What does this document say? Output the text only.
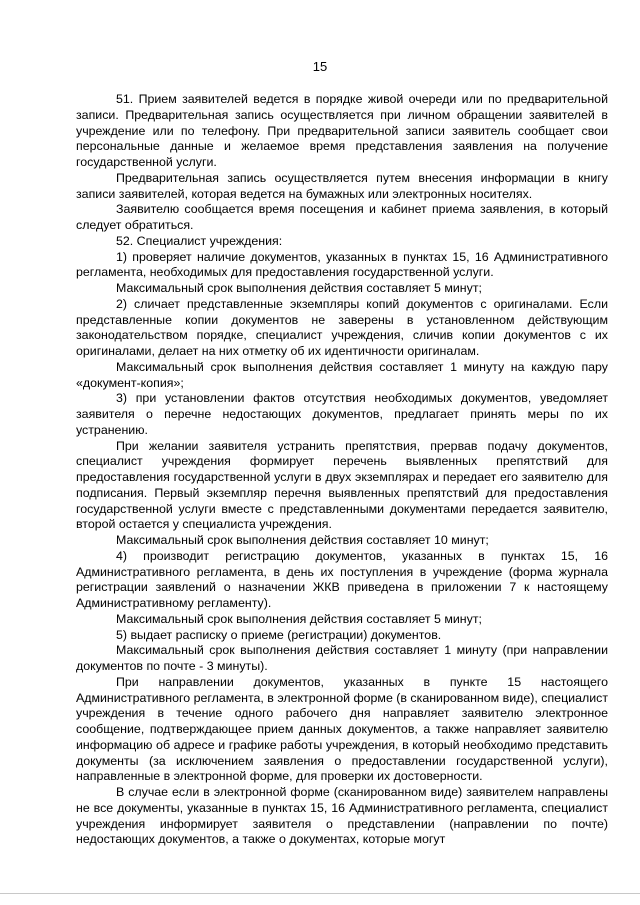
15

51. Прием заявителей ведется в порядке живой очереди или по предварительной записи. Предварительная запись осуществляется при личном обращении заявителей в учреждение или по телефону. При предварительной записи заявитель сообщает свои персональные данные и желаемое время представления заявления на получение государственной услуги.

Предварительная запись осуществляется путем внесения информации в книгу записи заявителей, которая ведется на бумажных или электронных носителях.

Заявителю сообщается время посещения и кабинет приема заявления, в который следует обратиться.

52. Специалист учреждения:

1) проверяет наличие документов, указанных в пунктах 15, 16 Административного регламента, необходимых для предоставления государственной услуги.

Максимальный срок выполнения действия составляет 5 минут;

2) сличает представленные экземпляры копий документов с оригиналами. Если представленные копии документов не заверены в установленном действующим законодательством порядке, специалист учреждения, сличив копии документов с их оригиналами, делает на них отметку об их идентичности оригиналам.

Максимальный срок выполнения действия составляет 1 минуту на каждую пару «документ-копия»;

3) при установлении фактов отсутствия необходимых документов, уведомляет заявителя о перечне недостающих документов, предлагает принять меры по их устранению.

При желании заявителя устранить препятствия, прервав подачу документов, специалист учреждения формирует перечень выявленных препятствий для предоставления государственной услуги в двух экземплярах и передает его заявителю для подписания. Первый экземпляр перечня выявленных препятствий для предоставления государственной услуги вместе с представленными документами передается заявителю, второй остается у специалиста учреждения.

Максимальный срок выполнения действия составляет 10 минут;

4) производит регистрацию документов, указанных в пунктах 15, 16 Административного регламента, в день их поступления в учреждение (форма журнала регистрации заявлений о назначении ЖКВ приведена в приложении 7 к настоящему Административному регламенту).

Максимальный срок выполнения действия составляет 5 минут;

5) выдает расписку о приеме (регистрации) документов.

Максимальный срок выполнения действия составляет 1 минуту (при направлении документов по почте - 3 минуты).

При направлении документов, указанных в пункте 15 настоящего Административного регламента, в электронной форме (в сканированном виде), специалист учреждения в течение одного рабочего дня направляет заявителю электронное сообщение, подтверждающее прием данных документов, а также направляет заявителю информацию об адресе и графике работы учреждения, в который необходимо представить документы (за исключением заявления о предоставлении государственной услуги), направленные в электронной форме, для проверки их достоверности.

В случае если в электронной форме (сканированном виде) заявителем направлены не все документы, указанные в пунктах 15, 16 Административного регламента, специалист учреждения информирует заявителя о представлении (направлении по почте) недостающих документов, а также о документах, которые могут
